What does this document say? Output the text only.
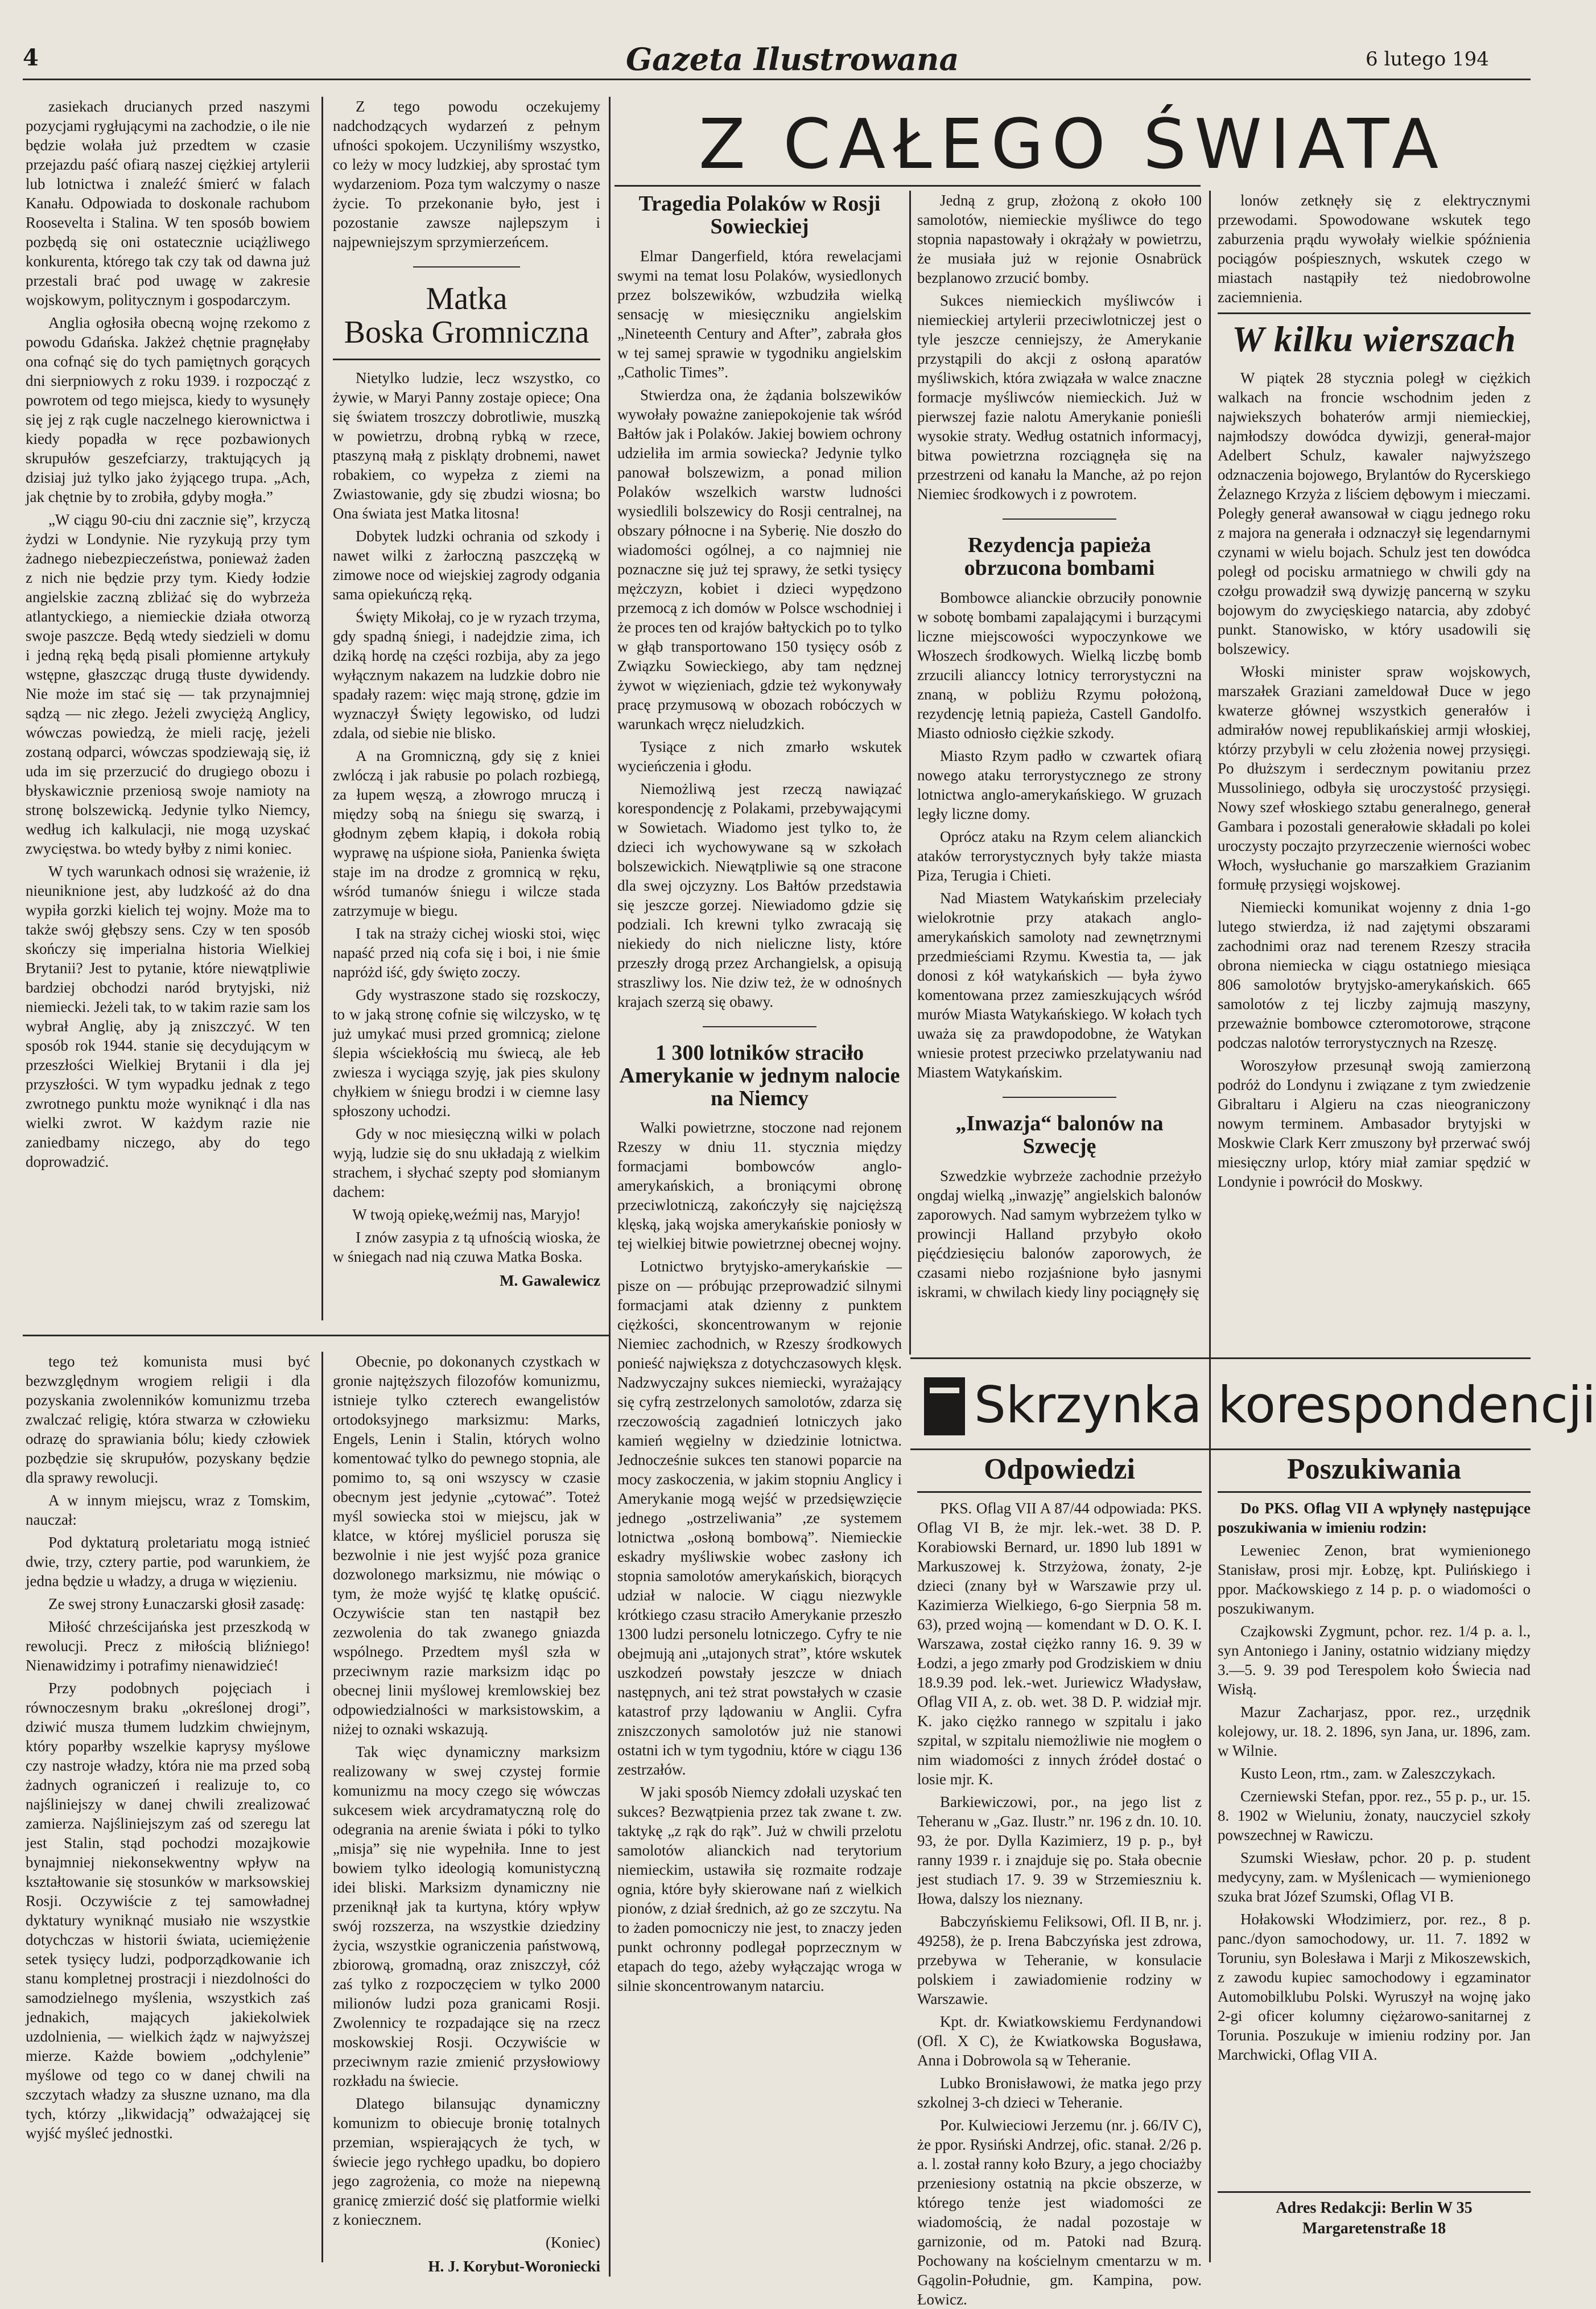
4	Gazeta Ilustrowana	6 lutego 194

zasiekach drucianych przed naszymi pozycjami rygłującymi na zachodzie, o ile nie będzie wolała już przedtem w czasie przejazdu paść ofiarą naszej ciężkiej artylerii lub lotnictwa i znaleźć śmierć w falach Kanału. Odpowiada to doskonale rachubom Roosevelta i Stalina. W ten sposób bowiem pozbędą się oni ostatecznie uciążliwego konkurenta, którego tak czy tak od dawna już przestali brać pod uwagę w zakresie wojskowym, politycznym i gospodarczym.

Anglia ogłosiła obecną wojnę rzekomo z powodu Gdańska. Jakżeż chętnie pragnęłaby ona cofnąć się do tych pamiętnych gorących dni sierpniowych z roku 1939. i rozpocząć z powrotem od tego miejsca, kiedy to wysunęły się jej z rąk cugle naczelnego kierownictwa i kiedy popadła w ręce pozbawionych skrupułów geszefciarzy, traktujących ją dzisiaj już tylko jako żyjącego trupa. „Ach, jak chętnie by to zrobiła, gdyby mogła.”

„W ciągu 90-ciu dni zacznie się”, krzyczą żydzi w Londynie. Nie ryzykują przy tym żadnego niebezpieczeństwa, ponieważ żaden z nich nie będzie przy tym. Kiedy łodzie angielskie zaczną zbliżać się do wybrzeża atlantyckiego, a niemieckie działa otworzą swoje paszcze. Będą wtedy siedzieli w domu i jedną ręką będą pisali płomienne artykuły wstępne, głaszcząc drugą tłuste dywidendy. Nie może im stać się — tak przynajmniej sądzą — nic złego. Jeżeli zwyciężą Anglicy, wówczas powiedzą, że mieli rację, jeżeli zostaną odparci, wówczas spodziewają się, iż uda im się przerzucić do drugiego obozu i błyskawicznie przeniosą swoje namioty na stronę bolszewicką. Jedynie tylko Niemcy, według ich kalkulacji, nie mogą uzyskać zwycięstwa. bo wtedy byłby z nimi koniec.

W tych warunkach odnosi się wrażenie, iż nieuniknione jest, aby ludzkość aż do dna wypiła gorzki kielich tej wojny. Może ma to także swój głębszy sens. Czy w ten sposób skończy się imperialna historia Wielkiej Brytanii? Jest to pytanie, które niewątpliwie bardziej obchodzi naród brytyjski, niż niemiecki. Jeżeli tak, to w takim razie sam los wybrał Anglię, aby ją zniszczyć. W ten sposób rok 1944. stanie się decydującym w przeszłości Wielkiej Brytanii i dla jej przyszłości. W tym wypadku jednak z tego zwrotnego punktu może wyniknąć i dla nas wielki zwrot. W każdym razie nie zaniedbamy niczego, aby do tego doprowadzić.

Z tego powodu oczekujemy nadchodzących wydarzeń z pełnym ufności spokojem. Uczyniliśmy wszystko, co leży w mocy ludzkiej, aby sprostać tym wydarzeniom. Poza tym walczymy o nasze życie. To przekonanie było, jest i pozostanie zawsze najlepszym i najpewniejszym sprzymierzeńcem.

Matka
Boska Gromniczna

Nietylko ludzie, lecz wszystko, co żywie, w Maryi Panny zostaje opiece; Ona się światem troszczy dobrotliwie, muszką w powietrzu, drobną rybką w rzece, ptaszyną małą z piskląty drobnemi, nawet robakiem, co wypełza z ziemi na Zwiastowanie, gdy się zbudzi wiosna; bo Ona świata jest Matka litosna!

Dobytek ludzki ochrania od szkody i nawet wilki z żarłoczną paszczęką w zimowe noce od wiejskiej zagrody odgania sama opiekuńczą ręką.

Święty Mikołaj, co je w ryzach trzyma, gdy spadną śniegi, i nadejdzie zima, ich dziką hordę na części rozbija, aby za jego wyłącznym nakazem na ludzkie dobro nie spadały razem: więc mają stronę, gdzie im wyznaczył Święty legowisko, od ludzi zdala, od siebie nie blisko.

A na Gromniczną, gdy się z kniei zwlóczą i jak rabusie po polach rozbiegą, za łupem węszą, a złowrogo mruczą i między sobą na śniegu się swarzą, i głodnym zębem kłapią, i dokoła robią wyprawę na uśpione sioła, Panienka święta staje im na drodze z gromnicą w ręku, wśród tumanów śniegu i wilcze stada zatrzymuje w biegu.

I tak na straży cichej wioski stoi, więc napaść przed nią cofa się i boi, i nie śmie napróżd iść, gdy święto zoczy.

Gdy wystraszone stado się rozskoczy, to w jaką stronę cofnie się wilczysko, w tę już umykać musi przed gromnicą; zielone ślepia wściekłością mu świecą, ale łeb zwiesza i wyciąga szyję, jak pies skulony chyłkiem w śniegu brodzi i w ciemne lasy spłoszony uchodzi.

Gdy w noc miesięczną wilki w polach wyją, ludzie się do snu układają z wielkim strachem, i słychać szepty pod słomianym dachem:

W twoją opiekę,weźmij nas, Maryjo!

I znów zasypia z tą ufnością wioska, że w śniegach nad nią czuwa Matka Boska.

M. Gawalewicz

tego też komunista musi być bezwzględnym wrogiem religii i dla pozyskania zwolenników komunizmu trzeba zwalczać religię, która stwarza w człowieku odrazę do sprawiania bólu; kiedy człowiek pozbędzie się skrupułów, pozyskany będzie dla sprawy rewolucji.

A w innym miejscu, wraz z Tomskim, nauczał:

Pod dyktaturą proletariatu mogą istnieć dwie, trzy, cztery partie, pod warunkiem, że jedna będzie u władzy, a druga w więzieniu.

Ze swej strony Łunaczarski głosił zasadę:

Miłość chrześcijańska jest przeszkodą w rewolucji. Precz z miłością bliźniego! Nienawidzimy i potrafimy nienawidzieć!

Przy podobnych pojęciach i równoczesnym braku „określonej drogi”, dziwić musza tłumem ludzkim chwiejnym, który poparłby wszelkie kaprysy myślowe czy nastroje władzy, która nie ma przed sobą żadnych ograniczeń i realizuje to, co najśliniejszy w danej chwili zrealizować zamierza. Najśliniejszym zaś od szeregu lat jest Stalin, stąd pochodzi mozajkowie bynajmniej niekonsekwentny wpływ na kształtowanie się stosunków w marksowskiej Rosji. Oczywiście z tej samowładnej dyktatury wyniknąć musiało nie wszystkie dotychczas w historii świata, uciemiężenie setek tysięcy ludzi, podporządkowanie ich stanu kompletnej prostracji i niezdolności do samodzielnego myślenia, wszystkich zaś jednakich, mających jakiekolwiek uzdolnienia, — wielkich żądz w najwyższej mierze. Każde bowiem „odchylenie” myślowe od tego co w danej chwili na szczytach władzy za słuszne uznano, ma dla tych, którzy „likwidacją” odważającej się wyjść myśleć jednostki.

Obecnie, po dokonanych czystkach w gronie najtęższych filozofów komunizmu, istnieje tylko czterech ewangelistów ortodoksyjnego marksizmu: Marks, Engels, Lenin i Stalin, których wolno komentować tylko do pewnego stopnia, ale pomimo to, są oni wszyscy w czasie obecnym jest jedynie „cytować”. Toteż myśl sowiecka stoi w miejscu, jak w klatce, w której myśliciel porusza się bezwolnie i nie jest wyjść poza granice dozwolonego marksizmu, nie mówiąc o tym, że może wyjść tę klatkę opuścić. Oczywiście stan ten nastąpił bez zezwolenia do tak zwanego gniazda wspólnego. Przedtem myśl szła w przeciwnym razie marksizm idąc po obecnej linii myślowej kremlowskiej bez odpowiedzialności w marksistowskim, a niżej to oznaki wskazują.

Tak więc dynamiczny marksizm realizowany w swej czystej formie komunizmu na mocy czego się wówczas sukcesem wiek arcydramatyczną rolę do odegrania na arenie świata i póki to tylko „misja” się nie wypełniła. Inne to jest bowiem tylko ideologią komunistyczną idei bliski. Marksizm dynamiczny nie przeniknął jak ta kurtyna, który wpływ swój rozszerza, na wszystkie dziedziny życia, wszystkie ograniczenia państwową, zbiorową, gromadną, oraz zniszczył, cóż zaś tylko z rozpoczęciem w tylko 2000 milionów ludzi poza granicami Rosji. Zwolennicy te rozpadające się na rzecz moskowskiej Rosji. Oczywiście w przeciwnym razie zmienić przysłowiowy rozkładu na świecie.

Dlatego bilansując dynamiczny komunizm to obiecuje bronię totalnych przemian, wspierających że tych, w świecie jego rychłego upadku, bo dopiero jego zagrożenia, co może na niepewną granicę zmierzić dość się platformie wielki z koniecznem.

(Koniec)

H. J. Korybut-Woroniecki
Z CAŁEGO ŚWIATA
Tragedia Polaków w Rosji Sowieckiej

Elmar Dangerfield, która rewelacjami swymi na temat losu Polaków, wysiedlonych przez bolszewików, wzbudziła wielką sensację w miesięczniku angielskim „Nineteenth Century and After”, zabrała głos w tej samej sprawie w tygodniku angielskim „Catholic Times”.

Stwierdza ona, że żądania bolszewików wywołały poważne zaniepokojenie tak wśród Bałtów jak i Polaków. Jakiej bowiem ochrony udzieliła im armia sowiecka? Jedynie tylko panował bolszewizm, a ponad milion Polaków wszelkich warstw ludności wysiedlili bolszewicy do Rosji centralnej, na obszary północne i na Syberię. Nie doszło do wiadomości ogólnej, a co najmniej nie poznaczne się już tej sprawy, że setki tysięcy mężczyzn, kobiet i dzieci wypędzono przemocą z ich domów w Polsce wschodniej i że proces ten od krajów bałtyckich po to tylko w głąb transportowano 150 tysięcy osób z Związku Sowieckiego, aby tam nędznej żywot w więzieniach, gdzie też wykonywały pracę przymusową w obozach robóczych w warunkach wręcz nieludzkich.

Tysiące z nich zmarło wskutek wycieńczenia i głodu.

Niemożliwą jest rzeczą nawiązać korespondencję z Polakami, przebywającymi w Sowietach. Wiadomo jest tylko to, że dzieci ich wychowywane są w szkołach bolszewickich. Niewątpliwie są one stracone dla swej ojczyzny. Los Bałtów przedstawia się jeszcze gorzej. Niewiadomo gdzie się podziali. Ich krewni tylko zwracają się niekiedy do nich nieliczne listy, które przeszły drogą przez Archangielsk, a opisują straszliwy los. Nie dziw też, że w odnośnych krajach szerzą się obawy.

1 300 lotników straciło Amerykanie w jednym nalocie na Niemcy

Walki powietrzne, stoczone nad rejonem Rzeszy w dniu 11. stycznia między formacjami bombowców anglo-amerykańskich, a broniącymi obronę przeciwlotniczą, zakończyły się najcięższą klęską, jaką wojska amerykańskie poniosły w tej wielkiej bitwie powietrznej obecnej wojny.

Lotnictwo brytyjsko-amerykańskie — pisze on — próbując przeprowadzić silnymi formacjami atak dzienny z punktem ciężkości, skoncentrowanym w rejonie Niemiec zachodnich, w Rzeszy środkowych ponieść największa z dotychczasowych klęsk. Nadzwyczajny sukces niemiecki, wyrażający się cyfrą zestrzelonych samolotów, zdarza się rzeczowością zagadnień lotniczych jako kamień węgielny w dziedzinie lotnictwa. Jednocześnie sukces ten stanowi poparcie na mocy zaskoczenia, w jakim stopniu Anglicy i Amerykanie mogą wejść w przedsięwzięcie jednego „ostrzeliwania” ,ze systemem lotnictwa „osłoną bombową”. Niemieckie eskadry myśliwskie wobec zasłony ich stopnia samolotów amerykańskich, biorących udział w nalocie. W ciągu niezwykle krótkiego czasu straciło Amerykanie przeszło 1300 ludzi personelu lotniczego. Cyfry te nie obejmują ani „utajonych strat”, które wskutek uszkodzeń powstały jeszcze w dniach następnych, ani też strat powstałych w czasie katastrof przy lądowaniu w Anglii. Cyfra zniszczonych samolotów już nie stanowi ostatni ich w tym tygodniu, które w ciągu 136 zestrzałów.

W jaki sposób Niemcy zdołali uzyskać ten sukces? Bezwątpienia przez tak zwane t. zw. taktykę „z rąk do rąk”. Już w chwili przelotu samolotów alianckich nad terytorium niemieckim, ustawiła się rozmaite rodzaje ognia, które były skierowane nań z wielkich pionów, z dział średnich, aż go ze szczytu. Na to żaden pomocniczy nie jest, to znaczy jeden punkt ochronny podlegał poprzecznym w etapach do tego, ażeby wyłączając wroga w silnie skoncentrowanym natarciu.

Jedną z grup, złożoną z około 100 samolotów, niemieckie myśliwce do tego stopnia napastowały i okrążały w powietrzu, że musiała już w rejonie Osnabrück bezplanowo zrzucić bomby.

Sukces niemieckich myśliwców i niemieckiej artylerii przeciwlotniczej jest o tyle jeszcze cenniejszy, że Amerykanie przystąpili do akcji z osłoną aparatów myśliwskich, która związała w walce znaczne formacje myśliwców niemieckich. Już w pierwszej fazie nalotu Amerykanie ponieśli wysokie straty. Według ostatnich informacyj, bitwa powietrzna rozciągnęła się na przestrzeni od kanału la Manche, aż po rejon Niemiec środkowych i z powrotem.

Rezydencja papieża obrzucona bombami

Bombowce alianckie obrzuciły ponownie w sobotę bombami zapalającymi i burzącymi liczne miejscowości wypoczynkowe we Włoszech środkowych. Wielką liczbę bomb zrzucili alianccy lotnicy terrorystyczni na znaną, w pobliżu Rzymu położoną, rezydencję letnią papieża, Castell Gandolfo. Miasto odniosło ciężkie szkody.

Miasto Rzym padło w czwartek ofiarą nowego ataku terrorystycznego ze strony lotnictwa anglo-amerykańskiego. W gruzach legły liczne domy.

Oprócz ataku na Rzym celem alianckich ataków terrorystycznych były także miasta Piza, Terugia i Chieti.

Nad Miastem Watykańskim przeleciały wielokrotnie przy atakach anglo-amerykańskich samoloty nad zewnętrznymi przedmieściami Rzymu. Kwestia ta, — jak donosi z kół watykańskich — była żywo komentowana przez zamieszkujących wśród murów Miasta Watykańskiego. W kołach tych uważa się za prawdopodobne, że Watykan wniesie protest przeciwko przelatywaniu nad Miastem Watykańskim.

„Inwazja“ balonów na Szwecję

Szwedzkie wybrzeże zachodnie przeżyło ongdaj wielką „inwazję” angielskich balonów zaporowych. Nad samym wybrzeżem tylko w prowincji Halland przybyło około pięćdziesięciu balonów zaporowych, że czasami niebo rozjaśnione było jasnymi iskrami, w chwilach kiedy liny pociągnęły się

lonów zetknęły się z elektrycznymi przewodami. Spowodowane wskutek tego zaburzenia prądu wywołały wielkie spóźnienia pociągów pośpiesznych, wskutek czego w miastach nastąpiły też niedobrowolne zaciemnienia.

W kilku wierszach

W piątek 28 stycznia poległ w ciężkich walkach na froncie wschodnim jeden z najwiekszych bohaterów armji niemieckiej, najmłodszy dowódca dywizji, generał-major Adelbert Schulz, kawaler najwyższego odznaczenia bojowego, Brylantów do Rycerskiego Żelaznego Krzyża z liściem dębowym i mieczami. Poległy generał awansował w ciągu jednego roku z majora na generała i odznaczył się legendarnymi czynami w wielu bojach. Schulz jest ten dowódca poległ od pocisku armatniego w chwili gdy na czołgu prowadził swą dywizję pancerną w szyku bojowym do zwycięskiego natarcia, aby zdobyć punkt. Stanowisko, w który usadowili się bolszewicy.

Włoski minister spraw wojskowych, marszałek Graziani zameldował Duce w jego kwaterze głównej wszystkich generałów i admirałów nowej republikańskiej armji włoskiej, którzy przybyli w celu złożenia nowej przysięgi. Po dłuższym i serdecznym powitaniu przez Mussoliniego, odbyła się uroczystość przysięgi. Nowy szef włoskiego sztabu generalnego, generał Gambara i pozostali generałowie składali po kolei uroczysty poczajto przyrzeczenie wierności wobec Włoch, wysłuchanie go marszałkiem Grazianim formułę przysięgi wojskowej.

Niemiecki komunikat wojenny z dnia 1-go lutego stwierdza, iż nad zajętymi obszarami zachodnimi oraz nad terenem Rzeszy straciła obrona niemiecka w ciągu ostatniego miesiąca 806 samolotów brytyjsko-amerykańskich. 665 samolotów z tej liczby zajmują maszyny, przeważnie bombowce czteromotorowe, strącone podczas nalotów terrorystycznych na Rzeszę.

Woroszyłow przesunął swoją zamierzoną podróż do Londynu i związane z tym zwiedzenie Gibraltaru i Algieru na czas nieograniczony nowym terminem. Ambasador brytyjski w Moskwie Clark Kerr zmuszony był przerwać swój miesięczny urlop, który miał zamiar spędzić w Londynie i powrócił do Moskwy.

Skrzynka korespondencji
Odpowiedzi

PKS. Oflag VII A 87/44 odpowiada: PKS. Oflag VI B, że mjr. lek.-wet. 38 D. P. Korabiowski Bernard, ur. 1890 lub 1891 w Markuszowej k. Strzyżowa, żonaty, 2-je dzieci (znany był w Warszawie przy ul. Kazimierza Wielkiego, 6-go Sierpnia 58 m. 63), przed wojną — komendant w D. O. K. I. Warszawa, został ciężko ranny 16. 9. 39 w Łodzi, a jego zmarły pod Grodziskiem w dniu 18.9.39 pod. lek.-wet. Juriewicz Władysław, Oflag VII A, z. ob. wet. 38 D. P. widział mjr. K. jako ciężko rannego w szpitalu i jako szpital, w szpitalu niemożliwie nie mogłem o nim wiadomości z innych źródeł dostać o losie mjr. K.

Barkiewiczowi, por., na jego list z Teheranu w „Gaz. Ilustr.” nr. 196 z dn. 10. 10. 93, że por. Dylla Kazimierz, 19 p. p., był ranny 1939 r. i znajduje się po. Stała obecnie jest studiach 17. 9. 39 w Strzemieszniu k. Iłowa, dalszy los nieznany.

Babczyńskiemu Feliksowi, Ofl. II B, nr. j. 49258), że p. Irena Babczyńska jest zdrowa, przebywa w Teheranie, w konsulacie polskiem i zawiadomienie rodziny w Warszawie.

Kpt. dr. Kwiatkowskiemu Ferdynandowi (Ofl. X C), że Kwiatkowska Bogusława, Anna i Dobrowola są w Teheranie.

Lubko Bronisławowi, że matka jego przy szkolnej 3-ch dzieci w Teheranie.

Por. Kulwieciowi Jerzemu (nr. j. 66/IV C), że ppor. Rysiński Andrzej, ofic. stanał. 2/26 p. a. l. został ranny koło Bzury, a jego chociażby przeniesiony ostatnią na pkcie obszerze, w którego tenże jest wiadomości ze wiadomością, że nadal pozostaje w garnizonie, od m. Patoki nad Bzurą. Pochowany na kościelnym cmentarzu w m. Gągolin-Południe, gm. Kampina, pow. Łowicz.

Poszukiwania

Do PKS. Oflag VII A wpłynęły następujące poszukiwania w imieniu rodzin:

Leweniec Zenon, brat wymienionego Stanisław, prosi mjr. Łobzę, kpt. Pulińskiego i ppor. Maćkowskiego z 14 p. p. o wiadomości o poszukiwanym.

Czajkowski Zygmunt, pchor. rez. 1/4 p. a. l., syn Antoniego i Janiny, ostatnio widziany między 3.—5. 9. 39 pod Terespolem koło Świecia nad Wisłą.

Mazur Zacharjasz, ppor. rez., urzędnik kolejowy, ur. 18. 2. 1896, syn Jana, ur. 1896, zam. w Wilnie.

Kusto Leon, rtm., zam. w Zaleszczykach.

Czerniewski Stefan, ppor. rez., 55 p. p., ur. 15. 8. 1902 w Wieluniu, żonaty, nauczyciel szkoły powszechnej w Rawiczu.

Szumski Wiesław, pchor. 20 p. p. student medycyny, zam. w Myślenicach — wymienionego szuka brat Józef Szumski, Oflag VI B.

Hołakowski Włodzimierz, por. rez., 8 p. panc./dyon samochodowy, ur. 11. 7. 1892 w Toruniu, syn Bolesława i Marji z Mikoszewskich, z zawodu kupiec samochodowy i egzaminator Automobilklubu Polski. Wyruszył na wojnę jako 2-gi oficer kolumny ciężarowo-sanitarnej z Torunia. Poszukuje w imieniu rodziny por. Jan Marchwicki, Oflag VII A.

Adres Redakcji: Berlin W 35
Margaretenstraße 18
